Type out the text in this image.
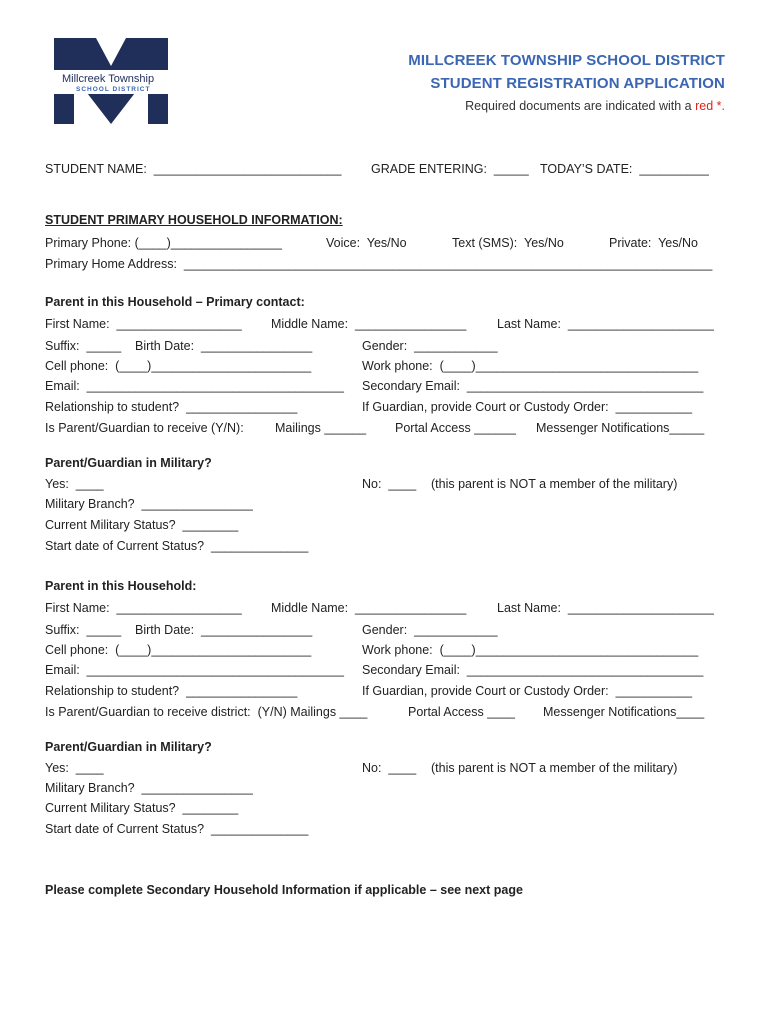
Millcreek Township
SCHOOL DISTRICT
MILLCREEK TOWNSHIP SCHOOL DISTRICT
STUDENT REGISTRATION APPLICATION
Required documents are indicated with a red *.
STUDENT NAME:  ___________________________ GRADE ENTERING:  _____ TODAY’S DATE:  __________
STUDENT PRIMARY HOUSEHOLD INFORMATION:
Primary Phone: (____)________________	Voice:  Yes/No	Text (SMS):  Yes/No	Private:  Yes/No
Primary Home Address:  ____________________________________________________________________________
Parent in this Household – Primary contact:
First Name:  __________________ Middle Name:  ________________ Last Name:  _____________________
Suffix:  _____ Birth Date:  ________________	Gender:  ____________
Cell phone:  (____)_______________________	Work phone:  (____)________________________________
Email:  _____________________________________ Secondary Email:  __________________________________
Relationship to student?  ________________	If Guardian, provide Court or Custody Order:  ___________
Is Parent/Guardian to receive (Y/N):	Mailings ______ Portal Access ______ Messenger Notifications_____
Parent/Guardian in Military?
Yes:  ____	No:  ____ (this parent is NOT a member of the military)
Military Branch?  ________________
Current Military Status?  ________
Start date of Current Status?  ______________
Parent in this Household:
First Name:  __________________ Middle Name:  ________________ Last Name:  _____________________
Suffix:  _____ Birth Date:  ________________	Gender:  ____________
Cell phone:  (____)_______________________	Work phone:  (____)________________________________
Email:  _____________________________________ Secondary Email:  __________________________________
Relationship to student?  ________________	If Guardian, provide Court or Custody Order:  ___________
Is Parent/Guardian to receive district:  (Y/N) Mailings ____	Portal Access ____ Messenger Notifications____
Parent/Guardian in Military?
Yes:  ____	No:  ____ (this parent is NOT a member of the military)
Military Branch?  ________________
Current Military Status?  ________
Start date of Current Status?  ______________
Please complete Secondary Household Information if applicable – see next page
